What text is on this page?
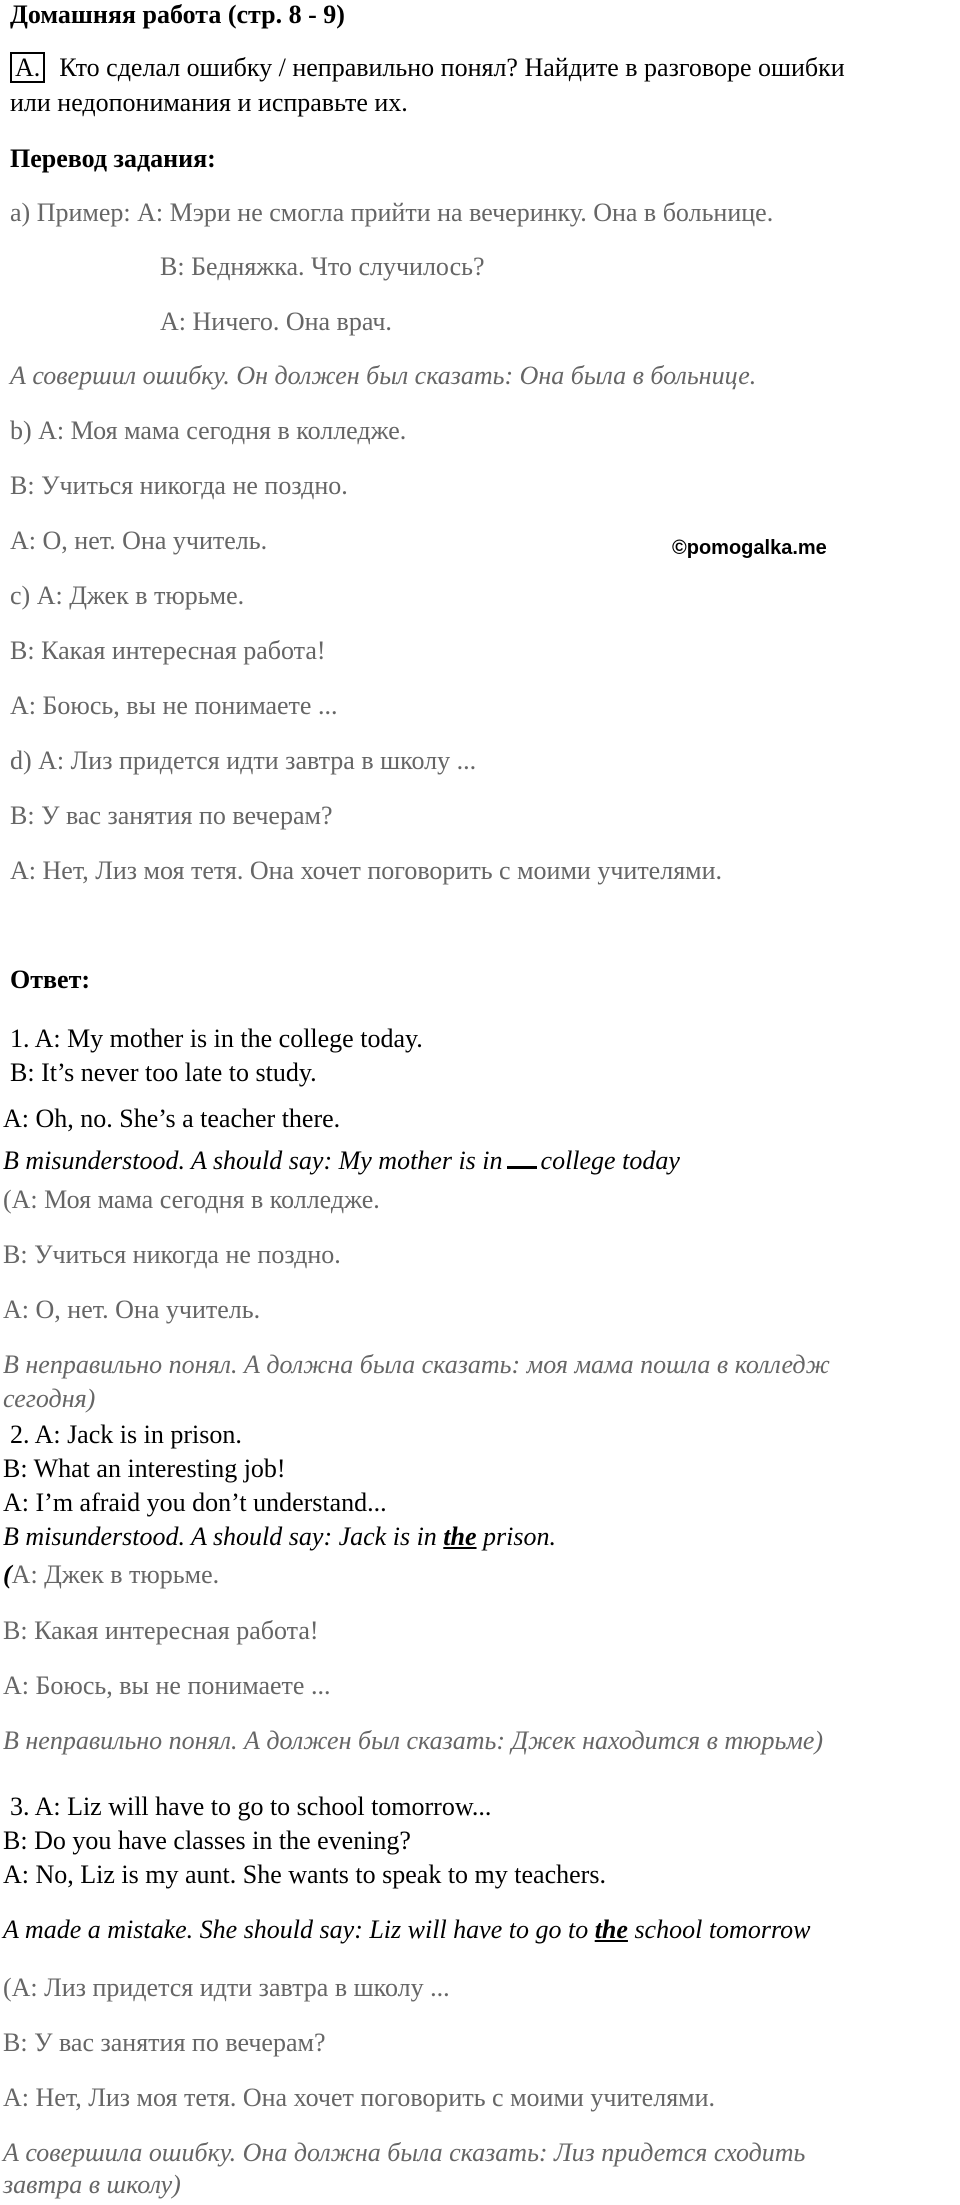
Домашняя работа (стр. 8 - 9)
A. Кто сделал ошибку / неправильно понял? Найдите в разговоре ошибки
или недопонимания и исправьте их.
Перевод задания:
а) Пример: А: Мэри не смогла прийти на вечеринку. Она в больнице.
B: Бедняжка. Что случилось?
А: Ничего. Она врач.
А совершил ошибку. Он должен был сказать: Она была в больнице.
b) А: Моя мама сегодня в колледже.
В: Учиться никогда не поздно.
А: О, нет. Она учитель.	©pomogalka.me
с) А: Джек в тюрьме.
В: Какая интересная работа!
А: Боюсь, вы не понимаете ...
d) А: Лиз придется идти завтра в школу ...
В: У вас занятия по вечерам?
А: Нет, Лиз моя тетя. Она хочет поговорить с моими учителями.
Ответ:
1. A: My mother is in the college today.
B: It’s never too late to study.
A: Oh, no. She’s a teacher there.
B misunderstood. A should say: My mother is in college today
(А: Моя мама сегодня в колледже.
В: Учиться никогда не поздно.
А: О, нет. Она учитель.
В неправильно понял. А должна была сказать: моя мама пошла в колледж
сегодня)
2. A: Jack is in prison.
B: What an interesting job!
A: I’m afraid you don’t understand...
B misunderstood. A should say: Jack is in the prison.
(А: Джек в тюрьме.
В: Какая интересная работа!
А: Боюсь, вы не понимаете ...
В неправильно понял. А должен был сказать: Джек находится в тюрьме)
3. A: Liz will have to go to school tomorrow...
B: Do you have classes in the evening?
A: No, Liz is my aunt. She wants to speak to my teachers.
A made a mistake. She should say: Liz will have to go to the school tomorrow
(А: Лиз придется идти завтра в школу ...
В: У вас занятия по вечерам?
А: Нет, Лиз моя тетя. Она хочет поговорить с моими учителями.
А совершила ошибку. Она должна была сказать: Лиз придется сходить
завтра в школу)
